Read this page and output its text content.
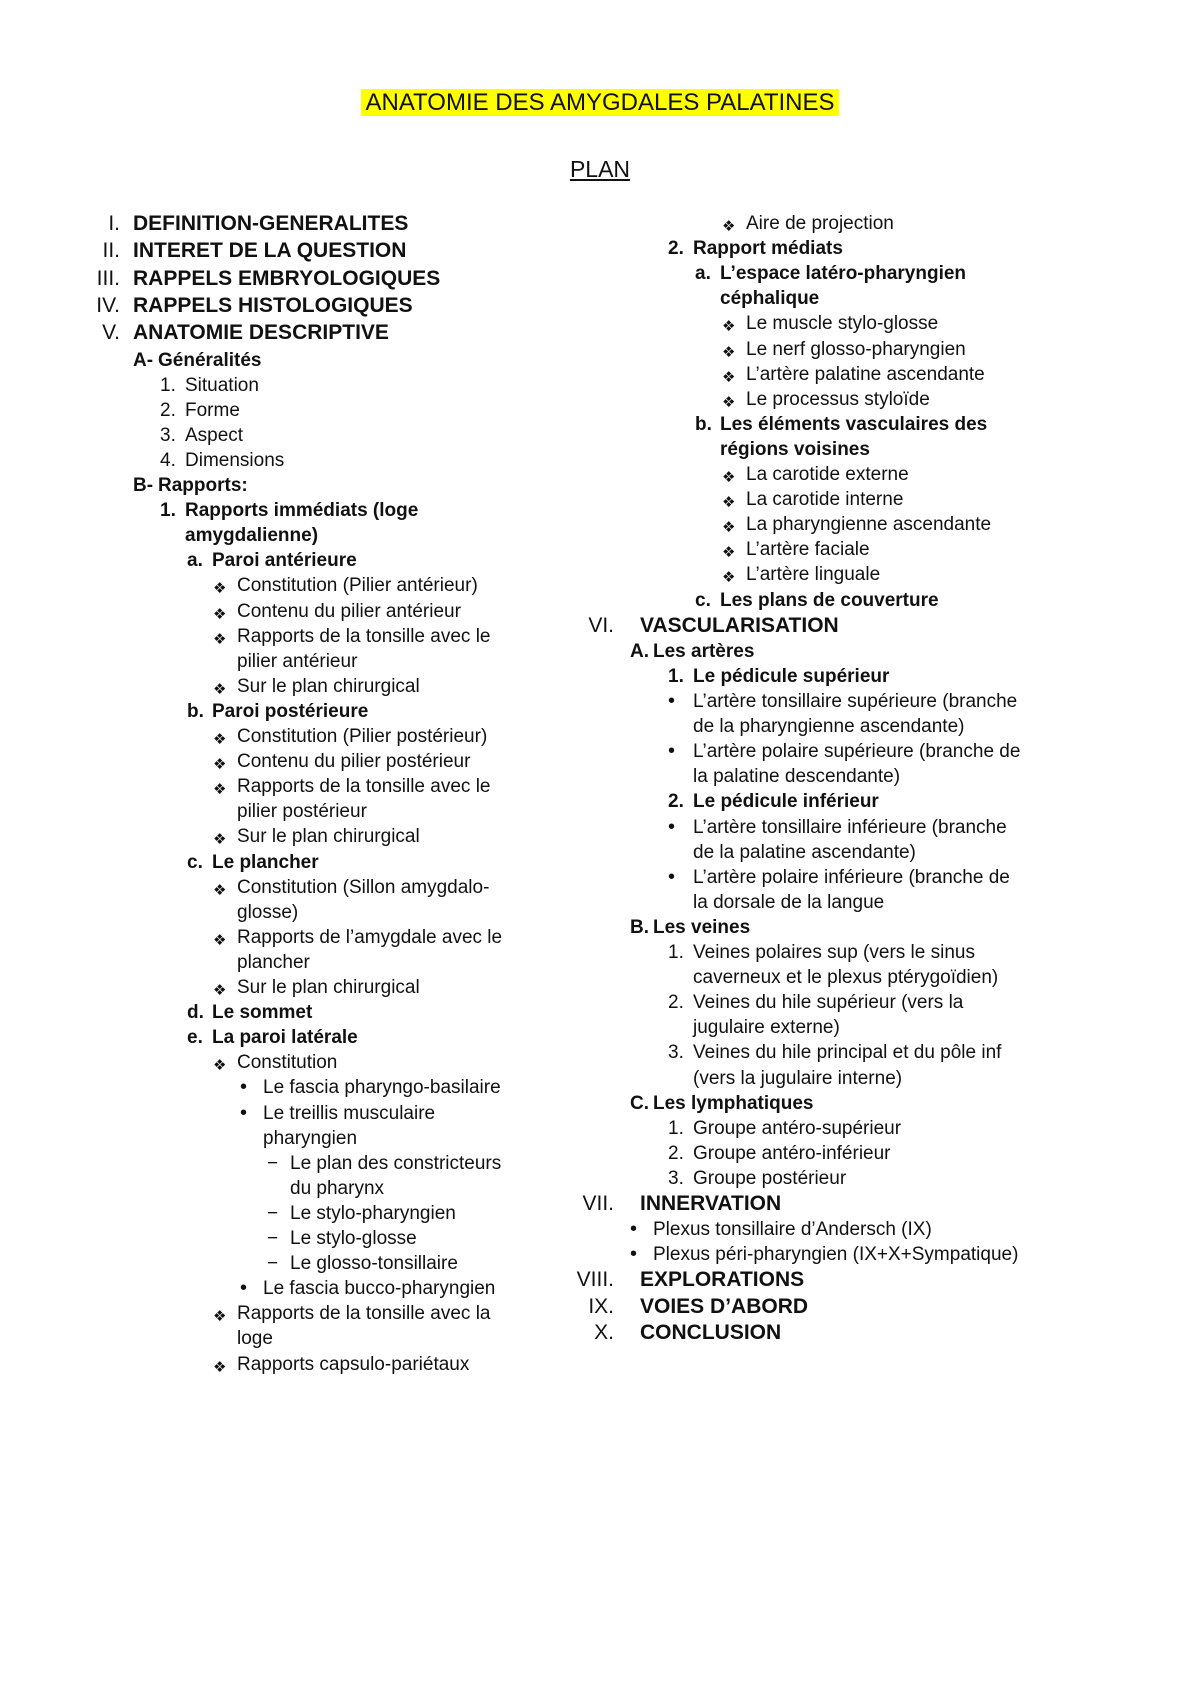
ANATOMIE DES AMYGDALES PALATINES
PLAN
I. DEFINITION-GENERALITES
II. INTERET DE LA QUESTION
III. RAPPELS EMBRYOLOGIQUES
IV. RAPPELS HISTOLOGIQUES
V. ANATOMIE DESCRIPTIVE
A- Généralités
1. Situation
2. Forme
3. Aspect
4. Dimensions
B- Rapports:
1. Rapports immédiats (loge
amygdalienne)
a. Paroi antérieure
❖ Constitution (Pilier antérieur)
❖ Contenu du pilier antérieur
❖ Rapports de la tonsille avec le
pilier antérieur
❖ Sur le plan chirurgical
b. Paroi postérieure
❖ Constitution (Pilier postérieur)
❖ Contenu du pilier postérieur
❖ Rapports de la tonsille avec le
pilier postérieur
❖ Sur le plan chirurgical
c. Le plancher
❖ Constitution (Sillon amygdalo-
glosse)
❖ Rapports de l’amygdale avec le
plancher
❖ Sur le plan chirurgical
d. Le sommet
e. La paroi latérale
❖ Constitution
• Le fascia pharyngo-basilaire
• Le treillis musculaire
pharyngien
− Le plan des constricteurs
du pharynx
− Le stylo-pharyngien
− Le stylo-glosse
− Le glosso-tonsillaire
• Le fascia bucco-pharyngien
❖ Rapports de la tonsille avec la
loge
❖ Rapports capsulo-pariétaux
❖ Aire de projection
2. Rapport médiats
a. L’espace latéro-pharyngien
céphalique
❖ Le muscle stylo-glosse
❖ Le nerf glosso-pharyngien
❖ L’artère palatine ascendante
❖ Le processus styloïde
b. Les éléments vasculaires des
régions voisines
❖ La carotide externe
❖ La carotide interne
❖ La pharyngienne ascendante
❖ L’artère faciale
❖ L’artère linguale
c. Les plans de couverture
VI. VASCULARISATION
A. Les artères
1. Le pédicule supérieur
• L’artère tonsillaire supérieure (branche
de la pharyngienne ascendante)
• L’artère polaire supérieure (branche de
la palatine descendante)
2. Le pédicule inférieur
• L’artère tonsillaire inférieure (branche
de la palatine ascendante)
• L’artère polaire inférieure (branche de
la dorsale de la langue
B. Les veines
1. Veines polaires sup (vers le sinus
caverneux et le plexus ptérygoïdien)
2. Veines du hile supérieur (vers la
jugulaire externe)
3. Veines du hile principal et du pôle inf
(vers la jugulaire interne)
C. Les lymphatiques
1. Groupe antéro-supérieur
2. Groupe antéro-inférieur
3. Groupe postérieur
VII. INNERVATION
• Plexus tonsillaire d’Andersch (IX)
• Plexus péri-pharyngien (IX+X+Sympatique)
VIII. EXPLORATIONS
IX. VOIES D’ABORD
X. CONCLUSION
